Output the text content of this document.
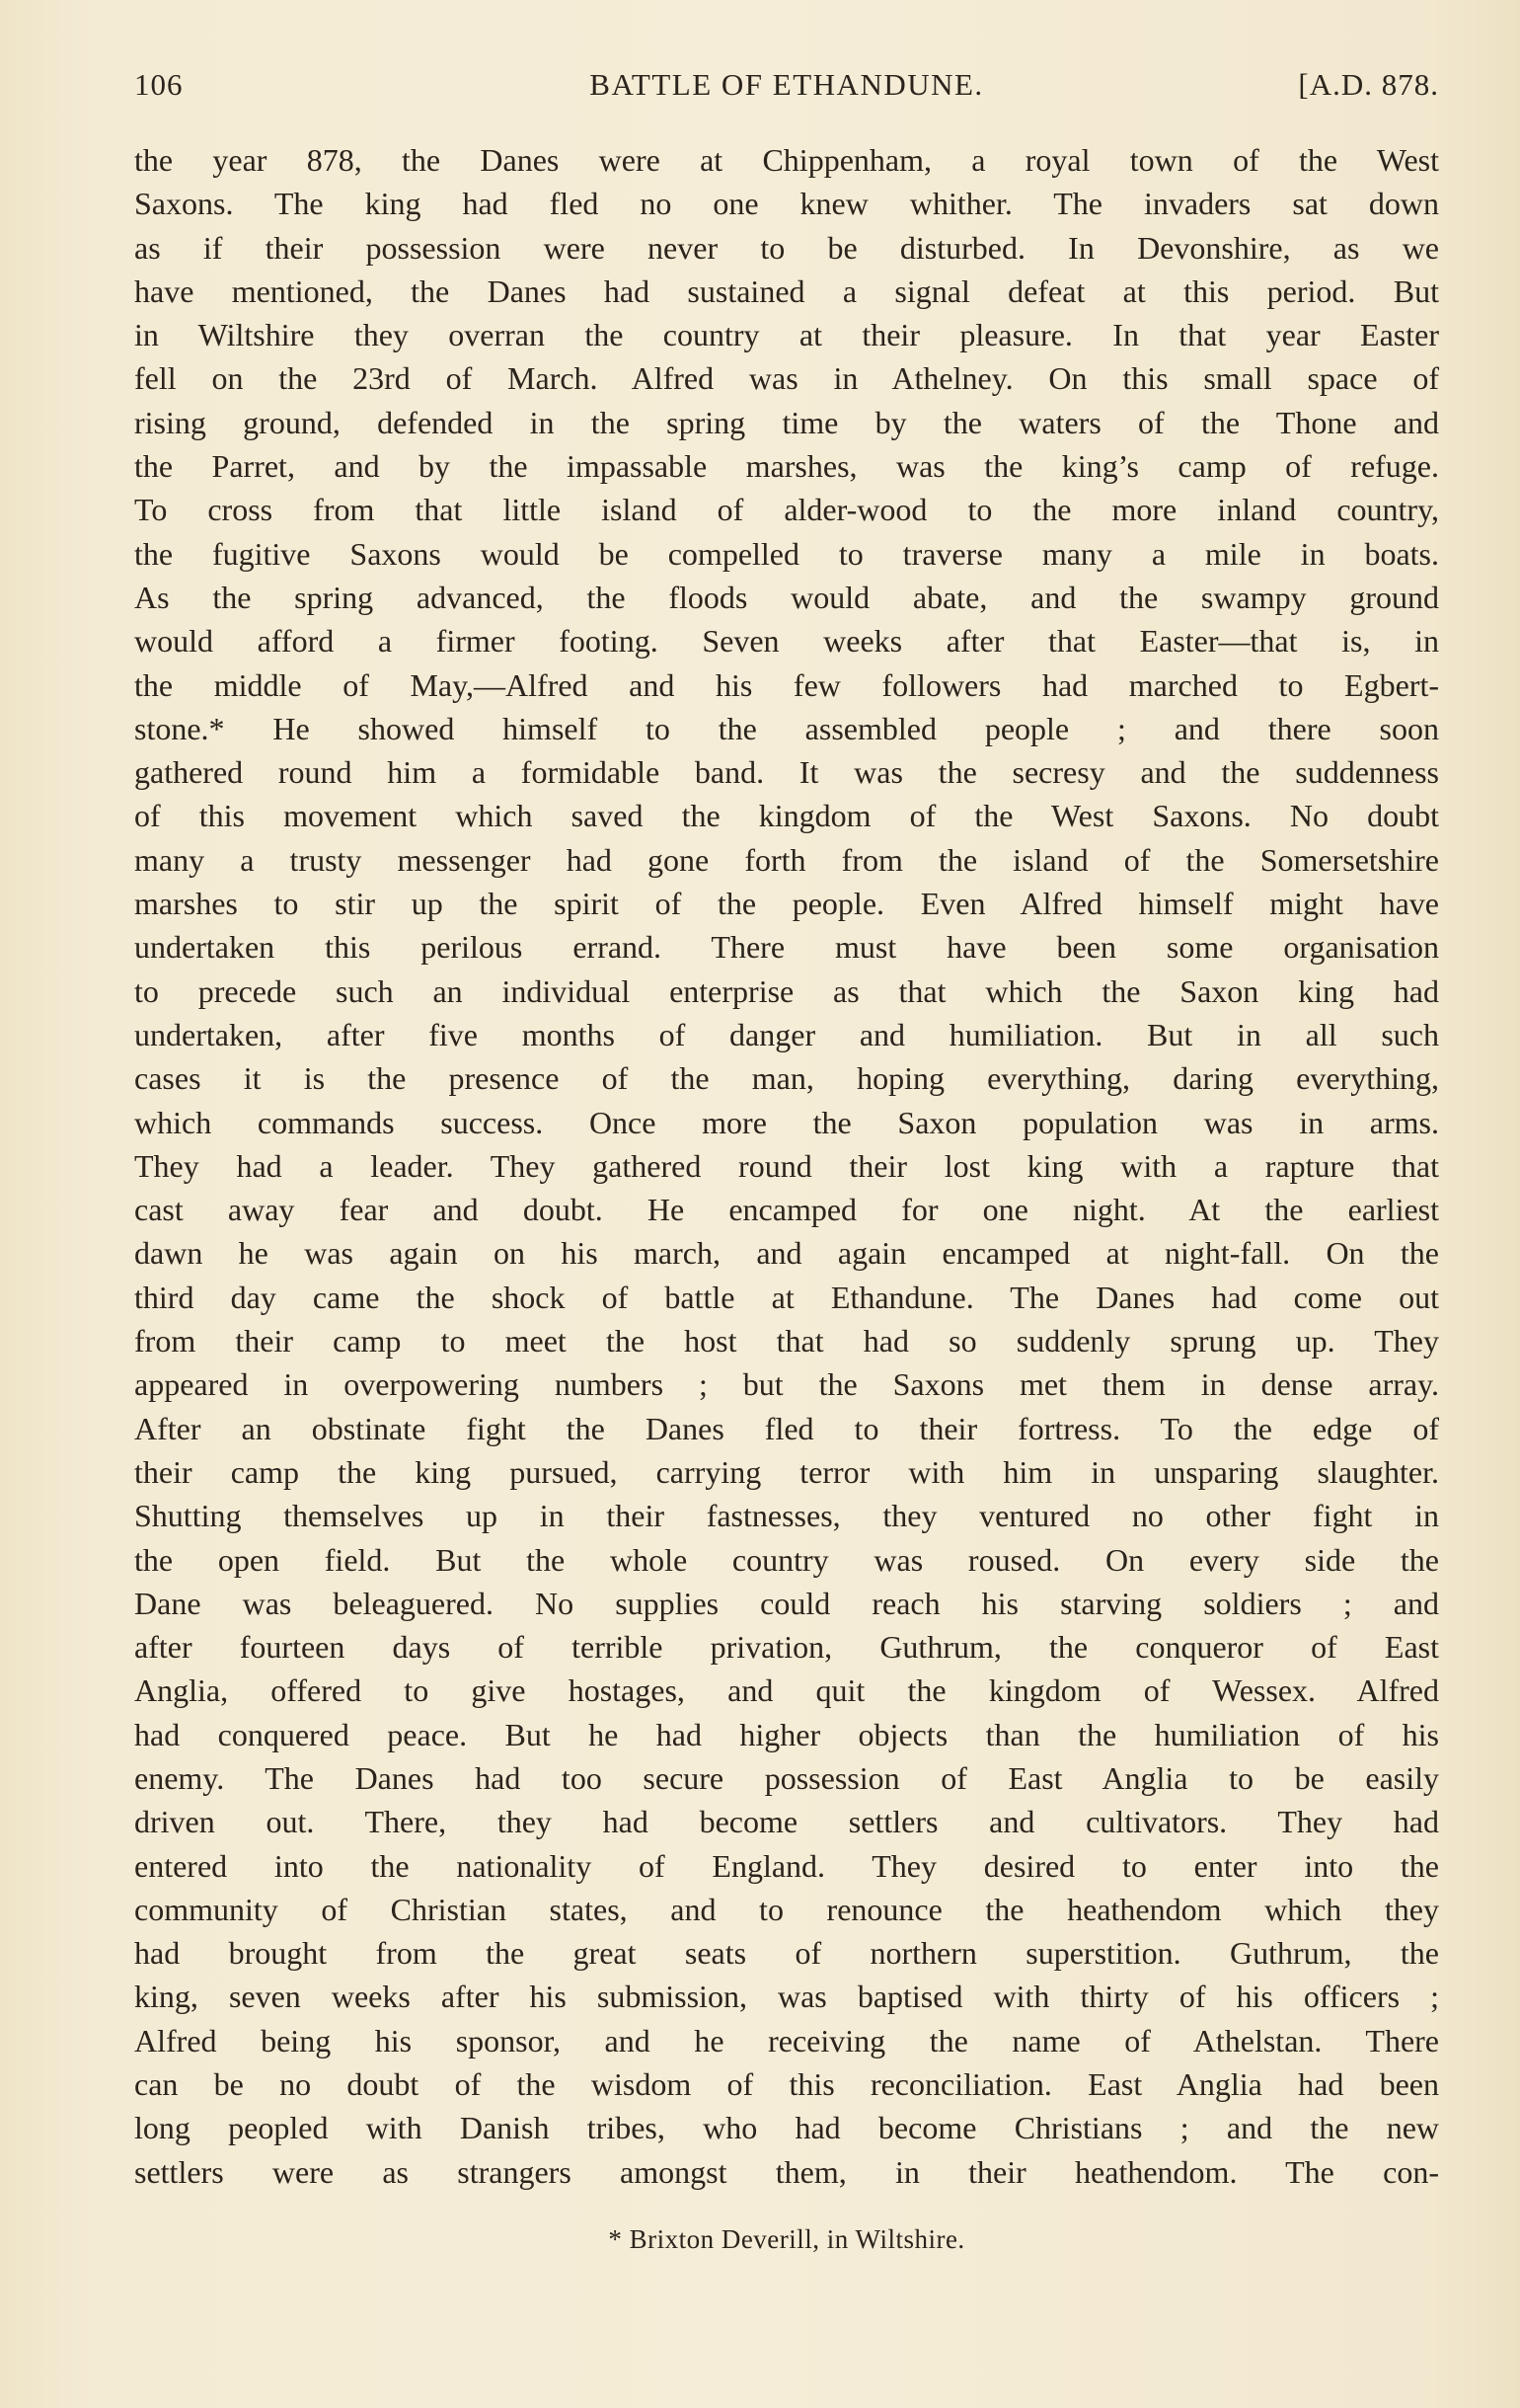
106	BATTLE OF ETHANDUNE.	[A.D. 878.
the year 878, the Danes were at Chippenham, a royal town of the West
Saxons. The king had fled no one knew whither. The invaders sat down
as if their possession were never to be disturbed. In Devonshire, as we
have mentioned, the Danes had sustained a signal defeat at this period. But
in Wiltshire they overran the country at their pleasure. In that year Easter
fell on the 23rd of March. Alfred was in Athelney. On this small space of
rising ground, defended in the spring time by the waters of the Thone and
the Parret, and by the impassable marshes, was the king’s camp of refuge.
To cross from that little island of alder-wood to the more inland country,
the fugitive Saxons would be compelled to traverse many a mile in boats.
As the spring advanced, the floods would abate, and the swampy ground
would afford a firmer footing. Seven weeks after that Easter—that is, in
the middle of May,—Alfred and his few followers had marched to Egbert-
stone.* He showed himself to the assembled people ; and there soon
gathered round him a formidable band. It was the secresy and the suddenness
of this movement which saved the kingdom of the West Saxons. No doubt
many a trusty messenger had gone forth from the island of the Somersetshire
marshes to stir up the spirit of the people. Even Alfred himself might have
undertaken this perilous errand. There must have been some organisation
to precede such an individual enterprise as that which the Saxon king had
undertaken, after five months of danger and humiliation. But in all such
cases it is the presence of the man, hoping everything, daring everything,
which commands success. Once more the Saxon population was in arms.
They had a leader. They gathered round their lost king with a rapture that
cast away fear and doubt. He encamped for one night. At the earliest
dawn he was again on his march, and again encamped at night-fall. On the
third day came the shock of battle at Ethandune. The Danes had come out
from their camp to meet the host that had so suddenly sprung up. They
appeared in overpowering numbers ; but the Saxons met them in dense array.
After an obstinate fight the Danes fled to their fortress. To the edge of
their camp the king pursued, carrying terror with him in unsparing slaughter.
Shutting themselves up in their fastnesses, they ventured no other fight in
the open field. But the whole country was roused. On every side the
Dane was beleaguered. No supplies could reach his starving soldiers ; and
after fourteen days of terrible privation, Guthrum, the conqueror of East
Anglia, offered to give hostages, and quit the kingdom of Wessex. Alfred
had conquered peace. But he had higher objects than the humiliation of his
enemy. The Danes had too secure possession of East Anglia to be easily
driven out. There, they had become settlers and cultivators. They had
entered into the nationality of England. They desired to enter into the
community of Christian states, and to renounce the heathendom which they
had brought from the great seats of northern superstition. Guthrum, the
king, seven weeks after his submission, was baptised with thirty of his officers ;
Alfred being his sponsor, and he receiving the name of Athelstan. There
can be no doubt of the wisdom of this reconciliation. East Anglia had been
long peopled with Danish tribes, who had become Christians ; and the new
settlers were as strangers amongst them, in their heathendom. The con-
* Brixton Deverill, in Wiltshire.
